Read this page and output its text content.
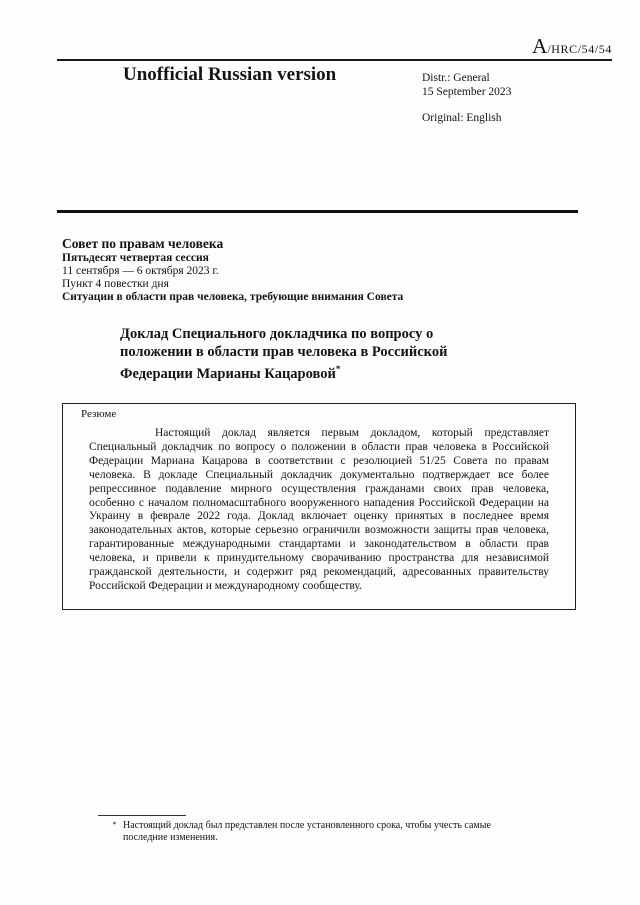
A/HRC/54/54
Unofficial Russian version	Distr.: General
15 September 2023
Original: English
Совет по правам человека
Пятьдесят четвертая сессия
11 сентября — 6 октября 2023 г.
Пункт 4 повестки дня
Ситуации в области прав человека, требующие внимания Совета
Доклад Специального докладчика по вопросу о положении в области прав человека в Российской Федерации Марианы Кацаровой*
Резюме
Настоящий доклад является первым докладом, который представляет Специальный докладчик по вопросу о положении в области прав человека в Российской Федерации Мариана Кацарова в соответствии с резолюцией 51/25 Совета по правам человека. В докладе Специальный докладчик документально подтверждает все более репрессивное подавление мирного осуществления гражданами своих прав человека, особенно с началом полномасштабного вооруженного нападения Российской Федерации на Украину в феврале 2022 года. Доклад включает оценку принятых в последнее время законодательных актов, которые серьезно ограничили возможности защиты прав человека, гарантированные международными стандартами и законодательством в области прав человека, и привели к принудительному сворачиванию пространства для независимой гражданской деятельности, и содержит ряд рекомендаций, адресованных правительству Российской Федерации и международному сообществу.
* Настоящий доклад был представлен после установленного срока, чтобы учесть самые последние изменения.
